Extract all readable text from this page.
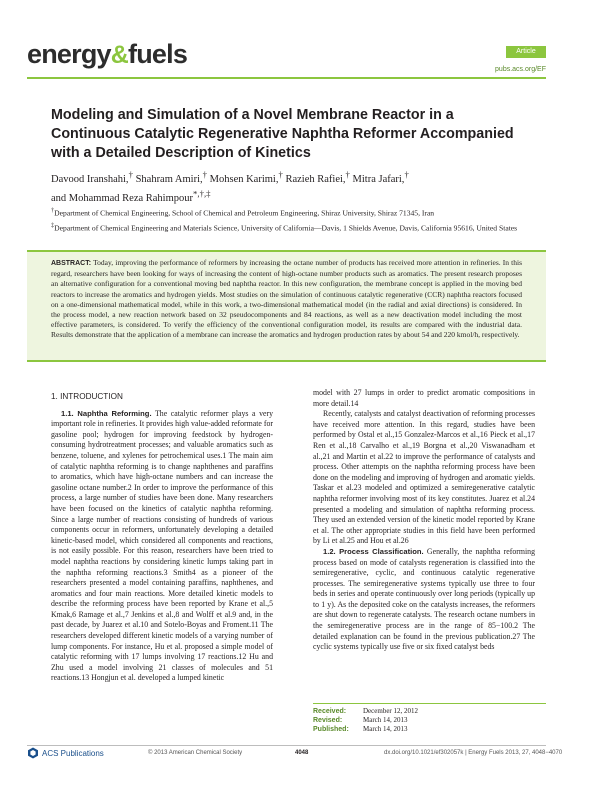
energy&fuels	Article
pubs.acs.org/EF
Modeling and Simulation of a Novel Membrane Reactor in a Continuous Catalytic Regenerative Naphtha Reformer Accompanied with a Detailed Description of Kinetics
Davood Iranshahi,† Shahram Amiri,† Mohsen Karimi,† Razieh Rafiei,† Mitra Jafari,†
and Mohammad Reza Rahimpour*,†,‡

†Department of Chemical Engineering, School of Chemical and Petroleum Engineering, Shiraz University, Shiraz 71345, Iran

‡Department of Chemical Engineering and Materials Science, University of California—Davis, 1 Shields Avenue, Davis, California 95616, United States

ABSTRACT: Today, improving the performance of reformers by increasing the octane number of products has received more attention in refineries. In this regard, researchers have been looking for ways of increasing the content of high-octane number products such as aromatics. The present research proposes an alternative configuration for a conventional moving bed naphtha reactor. In this new configuration, the membrane concept is applied in the moving bed reactors to increase the aromatics and hydrogen yields. Most studies on the simulation of continuous catalytic regenerative (CCR) naphtha reactors focused on a one-dimensional mathematical model, while in this work, a two-dimensional mathematical model (in the radial and axial directions) is considered. In the process model, a new reaction network based on 32 pseudocomponents and 84 reactions, as well as a new deactivation model including the most effective parameters, is considered. To verify the efficiency of the conventional configuration model, its results are compared with the industrial data. Results demonstrate that the application of a membrane can increase the aromatics and hydrogen production rates by about 54 and 220 kmol/h, respectively.
1. INTRODUCTION

1.1. Naphtha Reforming. The catalytic reformer plays a very important role in refineries. It provides high value-added reformate for gasoline pool; hydrogen for improving feedstock by hydrogen-consuming hydrotreatment processes; and valuable aromatics such as benzene, toluene, and xylenes for petrochemical uses.1 The main aim of catalytic naphtha reforming is to change naphthenes and paraffins to aromatics, which have high-octane numbers and can increase the gasoline octane number.2 In order to improve the performance of this process, a large number of studies have been done. Many researchers have been focused on the kinetics of catalytic naphtha reforming. Since a large number of reactions consisting of hundreds of various components occur in reformers, unfortunately developing a detailed kinetic-based model, which considered all components and reactions, is not easily possible. For this reason, researchers have been tried to model naphtha reactions by considering kinetic lumps taking part in the naphtha reforming reactions.3 Smith4 as a pioneer of the researchers presented a model containing paraffins, naphthenes, and aromatics and four main reactions. More detailed kinetic models to describe the reforming process have been reported by Krane et al.,5 Kmak,6 Ramage et al.,7 Jenkins et al.,8 and Wolff et al.9 and, in the past decade, by Juarez et al.10 and Sotelo-Boyas and Froment.11 The researchers developed different kinetic models of a varying number of lump components. For instance, Hu et al. proposed a simple model of catalytic reforming with 17 lumps involving 17 reactions.12 Hu and Zhu used a model involving 21 classes of molecules and 51 reactions.13 Hongjun et al. developed a lumped kinetic

model with 27 lumps in order to predict aromatic compositions in more detail.14

Recently, catalysts and catalyst deactivation of reforming processes have received more attention. In this regard, studies have been performed by Ostal et al.,15 Gonzalez-Marcos et al.,16 Pieck et al.,17 Ren et al.,18 Carvalho et al.,19 Borgna et al.,20 Viswanadham et al.,21 and Martin et al.22 to improve the performance of catalysts and process. Other attempts on the naphtha reforming process have been done on the modeling and improving of hydrogen and aromatic yields. Taskar et al.23 modeled and optimized a semiregenerative catalytic naphtha reformer involving most of its key constitutes. Juarez et al.24 presented a modeling and simulation of naphtha reforming process. They used an extended version of the kinetic model reported by Krane et al. The other appropriate studies in this field have been performed by Li et al.25 and Hou et al.26

1.2. Process Classification. Generally, the naphtha reforming process based on mode of catalysts regeneration is classified into the semiregenerative, cyclic, and continuous catalytic regenerative processes. The semiregenerative systems typically use three to four beds in series and operate continuously over long periods (typically up to 1 y). As the deposited coke on the catalysts increases, the reformers are shut down to regenerate catalysts. The research octane numbers in the semiregenerative process are in the range of 85−100.2 The detailed explanation can be found in the previous publication.27 The cyclic systems typically use five or six fixed catalyst beds

Received: December 12, 2012
Revised:	March 14, 2013
Published: March 14, 2013
ACS Publications	© 2013 American Chemical Society	4048	dx.doi.org/10.1021/ef302057k | Energy Fuels 2013, 27, 4048−4070
